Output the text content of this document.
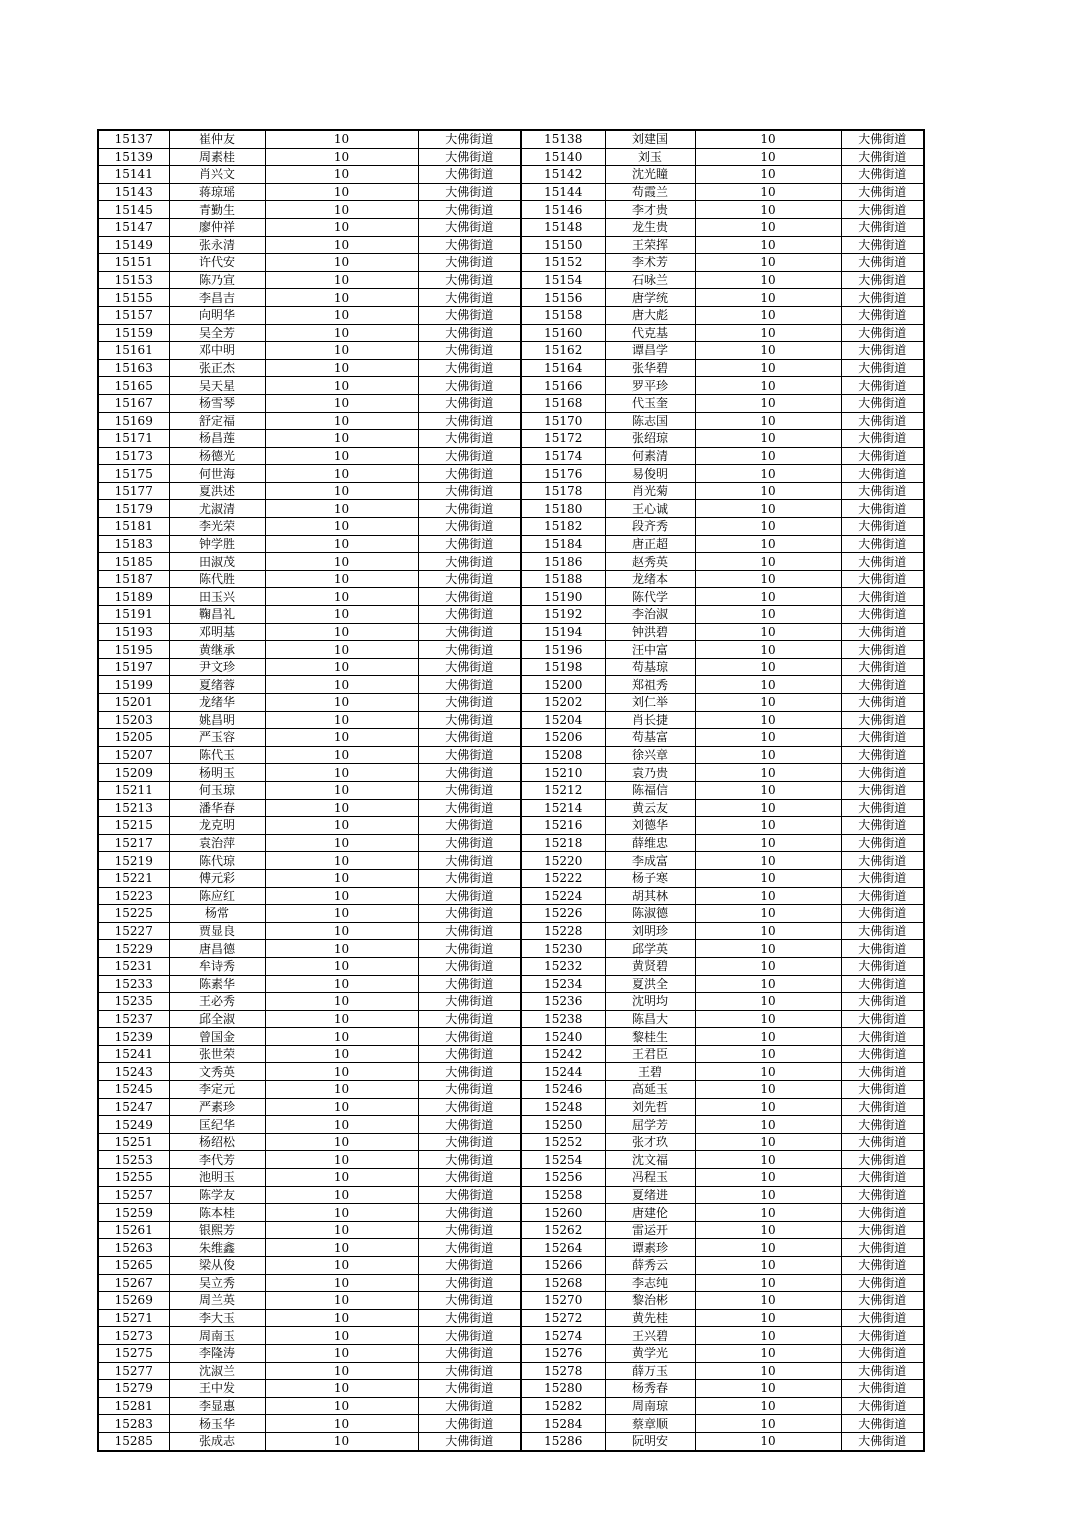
15137	崔仲友	10	大佛街道	15138	刘建国	10	大佛街道
15139	周素桂	10	大佛街道	15140	刘玉	10	大佛街道
15141	肖兴文	10	大佛街道	15142	沈光瞳	10	大佛街道
15143	蒋琼瑶	10	大佛街道	15144	苟霞兰	10	大佛街道
15145	青勤生	10	大佛街道	15146	李才贵	10	大佛街道
15147	廖仲祥	10	大佛街道	15148	龙生贵	10	大佛街道
15149	张永清	10	大佛街道	15150	王荣挥	10	大佛街道
15151	许代安	10	大佛街道	15152	李术芳	10	大佛街道
15153	陈乃宣	10	大佛街道	15154	石咏兰	10	大佛街道
15155	李昌吉	10	大佛街道	15156	唐学统	10	大佛街道
15157	向明华	10	大佛街道	15158	唐大彪	10	大佛街道
15159	吴全芳	10	大佛街道	15160	代克基	10	大佛街道
15161	邓中明	10	大佛街道	15162	谭昌学	10	大佛街道
15163	张正杰	10	大佛街道	15164	张华碧	10	大佛街道
15165	吴天星	10	大佛街道	15166	罗平珍	10	大佛街道
15167	杨雪琴	10	大佛街道	15168	代玉奎	10	大佛街道
15169	舒定福	10	大佛街道	15170	陈志国	10	大佛街道
15171	杨昌莲	10	大佛街道	15172	张绍琼	10	大佛街道
15173	杨德光	10	大佛街道	15174	何素清	10	大佛街道
15175	何世海	10	大佛街道	15176	易俊明	10	大佛街道
15177	夏洪述	10	大佛街道	15178	肖光菊	10	大佛街道
15179	尤淑清	10	大佛街道	15180	王心诚	10	大佛街道
15181	李光荣	10	大佛街道	15182	段齐秀	10	大佛街道
15183	钟学胜	10	大佛街道	15184	唐正超	10	大佛街道
15185	田淑茂	10	大佛街道	15186	赵秀英	10	大佛街道
15187	陈代胜	10	大佛街道	15188	龙绪本	10	大佛街道
15189	田玉兴	10	大佛街道	15190	陈代学	10	大佛街道
15191	鞠昌礼	10	大佛街道	15192	李治淑	10	大佛街道
15193	邓明基	10	大佛街道	15194	钟洪碧	10	大佛街道
15195	黄继承	10	大佛街道	15196	汪中富	10	大佛街道
15197	尹文珍	10	大佛街道	15198	苟基琼	10	大佛街道
15199	夏绪蓉	10	大佛街道	15200	郑祖秀	10	大佛街道
15201	龙绪华	10	大佛街道	15202	刘仁举	10	大佛街道
15203	姚昌明	10	大佛街道	15204	肖长捷	10	大佛街道
15205	严玉容	10	大佛街道	15206	苟基富	10	大佛街道
15207	陈代玉	10	大佛街道	15208	徐兴章	10	大佛街道
15209	杨明玉	10	大佛街道	15210	袁乃贵	10	大佛街道
15211	何玉琼	10	大佛街道	15212	陈福信	10	大佛街道
15213	潘华春	10	大佛街道	15214	黄云友	10	大佛街道
15215	龙克明	10	大佛街道	15216	刘德华	10	大佛街道
15217	袁治萍	10	大佛街道	15218	薛维忠	10	大佛街道
15219	陈代琼	10	大佛街道	15220	李成富	10	大佛街道
15221	傅元彩	10	大佛街道	15222	杨子寒	10	大佛街道
15223	陈应红	10	大佛街道	15224	胡其林	10	大佛街道
15225	杨常	10	大佛街道	15226	陈淑德	10	大佛街道
15227	贾显良	10	大佛街道	15228	刘明珍	10	大佛街道
15229	唐昌德	10	大佛街道	15230	邱学英	10	大佛街道
15231	牟诗秀	10	大佛街道	15232	黄贤碧	10	大佛街道
15233	陈素华	10	大佛街道	15234	夏洪全	10	大佛街道
15235	王必秀	10	大佛街道	15236	沈明均	10	大佛街道
15237	邱全淑	10	大佛街道	15238	陈昌大	10	大佛街道
15239	曾国金	10	大佛街道	15240	黎桂生	10	大佛街道
15241	张世荣	10	大佛街道	15242	王君臣	10	大佛街道
15243	文秀英	10	大佛街道	15244	王碧	10	大佛街道
15245	李定元	10	大佛街道	15246	高延玉	10	大佛街道
15247	严素珍	10	大佛街道	15248	刘先哲	10	大佛街道
15249	匡纪华	10	大佛街道	15250	屈学芳	10	大佛街道
15251	杨绍松	10	大佛街道	15252	张才玖	10	大佛街道
15253	李代芳	10	大佛街道	15254	沈文福	10	大佛街道
15255	池明玉	10	大佛街道	15256	冯程玉	10	大佛街道
15257	陈学友	10	大佛街道	15258	夏绪进	10	大佛街道
15259	陈本桂	10	大佛街道	15260	唐建伦	10	大佛街道
15261	银熙芳	10	大佛街道	15262	雷运开	10	大佛街道
15263	朱维鑫	10	大佛街道	15264	谭素珍	10	大佛街道
15265	梁从俊	10	大佛街道	15266	薛秀云	10	大佛街道
15267	吴立秀	10	大佛街道	15268	李志纯	10	大佛街道
15269	周兰英	10	大佛街道	15270	黎治彬	10	大佛街道
15271	李大玉	10	大佛街道	15272	黄先桂	10	大佛街道
15273	周南玉	10	大佛街道	15274	王兴碧	10	大佛街道
15275	李隆涛	10	大佛街道	15276	黄学光	10	大佛街道
15277	沈淑兰	10	大佛街道	15278	薛万玉	10	大佛街道
15279	王中发	10	大佛街道	15280	杨秀春	10	大佛街道
15281	李显惠	10	大佛街道	15282	周南琼	10	大佛街道
15283	杨玉华	10	大佛街道	15284	蔡章顺	10	大佛街道
15285	张成志	10	大佛街道	15286	阮明安	10	大佛街道
